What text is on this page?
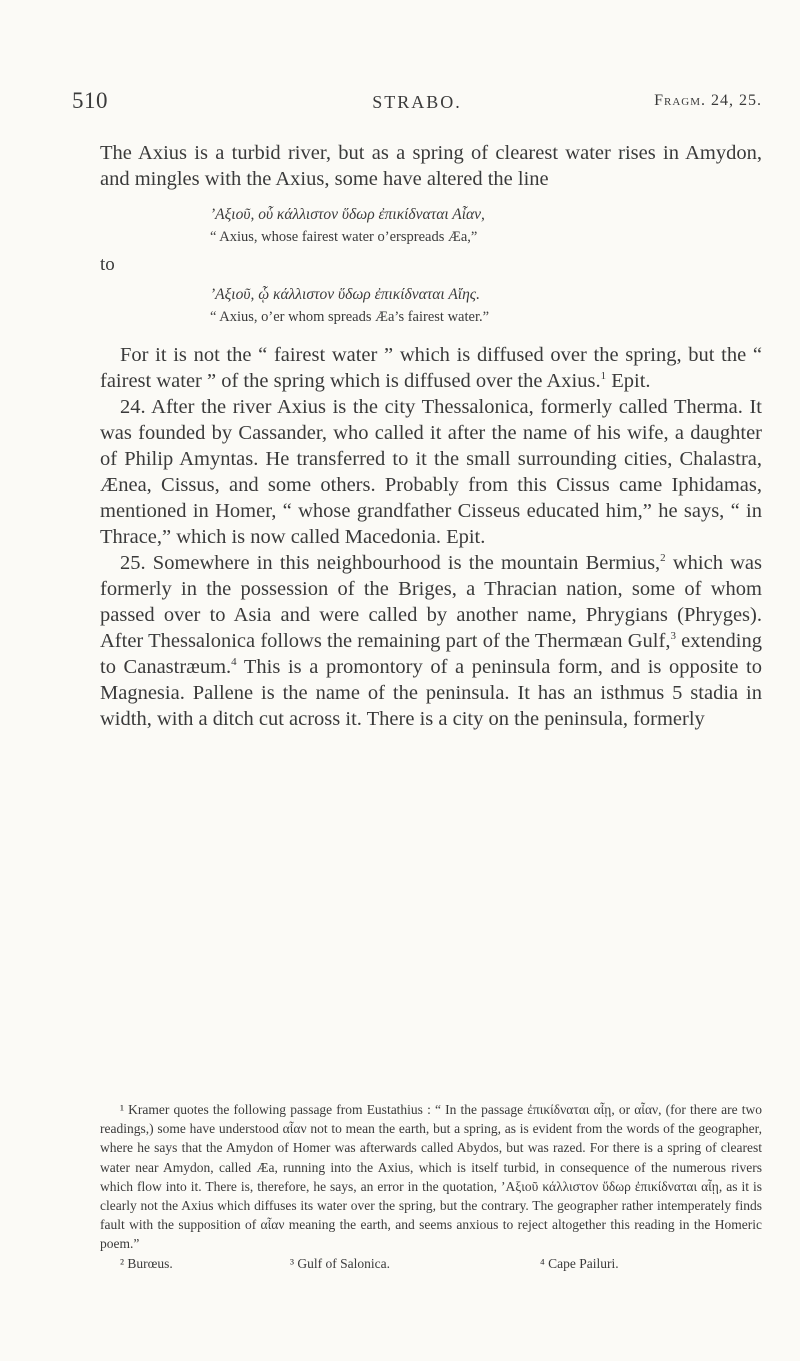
510	STRABO.	Fragm. 24, 25.

The Axius is a turbid river, but as a spring of clearest water rises in Amydon, and mingles with the Axius, some have altered the line

’Αξιοῦ, οὗ κάλλιστον ὕδωρ ἐπικίδναται Αἶαν,

“ Axius, whose fairest water o’erspreads Æa,”

to

’Αξιοῦ, ᾧ κάλλιστον ὕδωρ ἐπικίδναται Αἴης.

“ Axius, o’er whom spreads Æa’s fairest water.”

For it is not the “ fairest water ” which is diffused over the spring, but the “ fairest water ” of the spring which is diffused over the Axius.$^1$ Epit.

24. After the river Axius is the city Thessalonica, formerly called Therma. It was founded by Cassander, who called it after the name of his wife, a daughter of Philip Amyntas. He transferred to it the small surrounding cities, Chalastra, Ænea, Cissus, and some others. Probably from this Cissus came Iphidamas, mentioned in Homer, “ whose grandfather Cisseus educated him,” he says, “ in Thrace,” which is now called Macedonia. Epit.

25. Somewhere in this neighbourhood is the mountain Bermius,$^2$ which was formerly in the possession of the Briges, a Thracian nation, some of whom passed over to Asia and were called by another name, Phrygians (Phryges). After Thessalonica follows the remaining part of the Thermæan Gulf,$^3$ extending to Canastræum.$^4$ This is a promontory of a peninsula form, and is opposite to Magnesia. Pallene is the name of the peninsula. It has an isthmus 5 stadia in width, with a ditch cut across it. There is a city on the peninsula, formerly

¹ Kramer quotes the following passage from Eustathius : “ In the passage ἐπικίδναται αἶῃ, or αἶαν, (for there are two readings,) some have understood αἶαν not to mean the earth, but a spring, as is evident from the words of the geographer, where he says that the Amydon of Homer was afterwards called Abydos, but was razed. For there is a spring of clearest water near Amydon, called Æa, running into the Axius, which is itself turbid, in consequence of the numerous rivers which flow into it. There is, therefore, he says, an error in the quotation, ’Αξιοῦ κάλλιστον ὕδωρ ἐπικίδναται αἶῃ, as it is clearly not the Axius which diffuses its water over the spring, but the contrary. The geographer rather intemperately finds fault with the supposition of αἶαν meaning the earth, and seems anxious to reject altogether this reading in the Homeric poem.”

² Burœus.	³ Gulf of Salonica.	⁴ Cape Pailuri.
